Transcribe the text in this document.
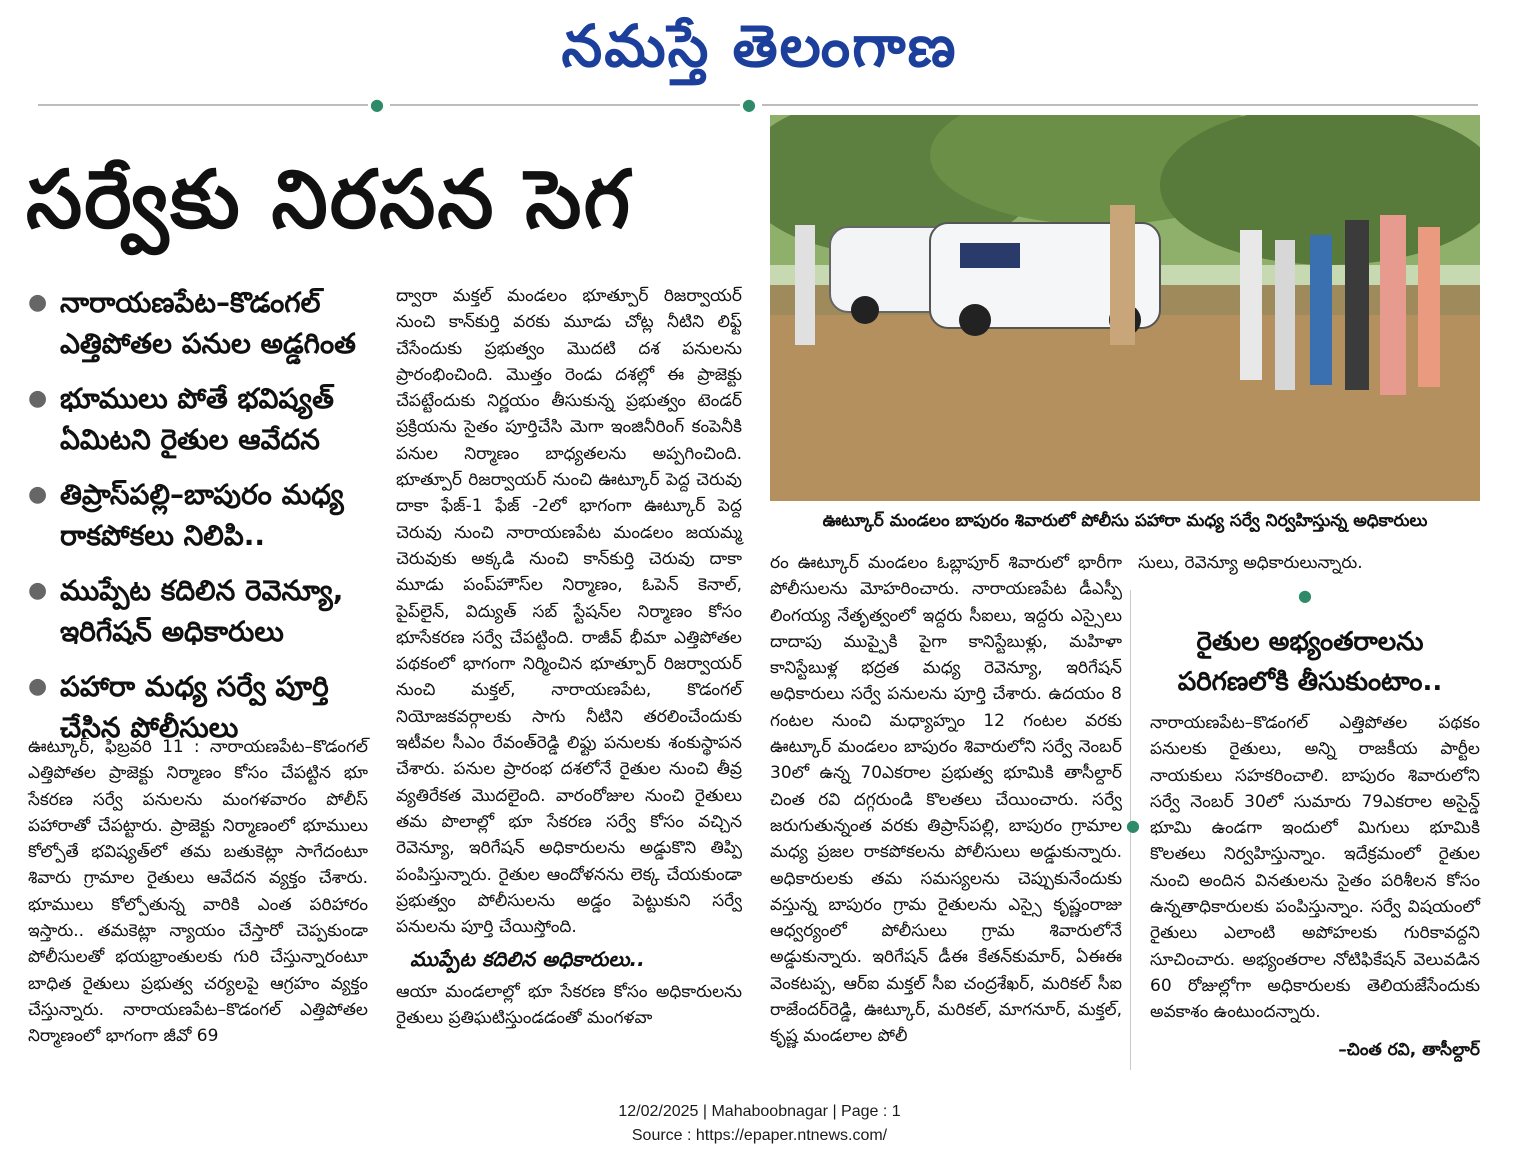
నమస్తే తెలంగాణ
●	●
సర్వేకు నిరసన సెగ
● నారాయణపేట–కొడంగల్ ఎత్తిపోతల పనుల అడ్డగింత
● భూములు పోతే భవిష్యత్ ఏమిటని రైతుల ఆవేదన
● తిప్రాస్‌పల్లి–బాపురం మధ్య రాకపోకలు నిలిపి..
● ముప్పేట కదిలిన రెవెన్యూ, ఇరిగేషన్ అధికారులు
● పహారా మధ్య సర్వే పూర్తి చేసిన పోలీసులు

ఊట్కూర్, ఫిబ్రవరి 11 : నారాయణపేట–కొడంగల్ ఎత్తిపోతల ప్రాజెక్టు నిర్మాణం కోసం చేపట్టిన భూ సేకరణ సర్వే పనులను మంగళవారం పోలీస్ పహారాతో చేపట్టారు. ప్రాజెక్టు నిర్మాణంలో భూములు కోల్పోతే భవిష్యత్‌లో తమ బతుకెట్లా సాగేదంటూ శివారు గ్రామాల రైతులు ఆవేదన వ్యక్తం చేశారు. భూములు కోల్పోతున్న వారికి ఎంత పరిహారం ఇస్తారు.. తమకెట్లా న్యాయం చేస్తారో చెప్పకుండా పోలీసులతో భయభ్రాంతులకు గురి చేస్తున్నారంటూ బాధిత రైతులు ప్రభుత్వ చర్యలపై ఆగ్రహం వ్యక్తం చేస్తున్నారు. నారాయణపేట–కొడంగల్ ఎత్తిపోతల నిర్మాణంలో భాగంగా జీవో 69

ద్వారా మక్తల్ మండలం భూత్పూర్ రిజర్వాయర్ నుంచి కాన్‌కుర్తి వరకు మూడు చోట్ల నీటిని లిఫ్ట్ చేసేందుకు ప్రభుత్వం మొదటి దశ పనులను ప్రారంభించింది. మొత్తం రెండు దశల్లో ఈ ప్రాజెక్టు చేపట్టేందుకు నిర్ణయం తీసుకున్న ప్రభుత్వం టెండర్ ప్రక్రియను సైతం పూర్తిచేసి మెగా ఇంజినీరింగ్ కంపెనీకి పనుల నిర్మాణం బాధ్యతలను అప్పగించింది. భూత్పూర్ రిజర్వాయర్ నుంచి ఊట్కూర్ పెద్ద చెరువు దాకా ఫేజ్-1 ఫేజ్ -2లో భాగంగా ఊట్కూర్ పెద్ద చెరువు నుంచి నారాయణపేట మండలం జయమ్మ చెరువుకు అక్కడి నుంచి కాన్‌కుర్తి చెరువు దాకా మూడు పంప్‌హౌస్‌ల నిర్మాణం, ఓపెన్ కెనాల్, పైప్‌లైన్, విద్యుత్ సబ్ స్టేషన్‌ల నిర్మాణం కోసం భూసేకరణ సర్వే చేపట్టింది. రాజీవ్ భీమా ఎత్తిపోతల పథకంలో భాగంగా నిర్మించిన భూత్పూర్ రిజర్వాయర్ నుంచి మక్తల్, నారాయణపేట, కొడంగల్ నియోజకవర్గాలకు సాగు నీటిని తరలించేందుకు ఇటీవల సీఎం రేవంత్‌రెడ్డి లిఫ్టు పనులకు శంకుస్థాపన చేశారు. పనుల ప్రారంభ దశలోనే రైతుల నుంచి తీవ్ర వ్యతిరేకత మొదలైంది. వారంరోజుల నుంచి రైతులు తమ పొలాల్లో భూ సేకరణ సర్వే కోసం వచ్చిన రెవెన్యూ, ఇరిగేషన్ అధికారులను అడ్డుకొని తిప్పి పంపిస్తున్నారు. రైతుల ఆందోళనను లెక్క చేయకుండా ప్రభుత్వం పోలీసులను అడ్డం పెట్టుకుని సర్వే పనులను పూర్తి చేయిస్తోంది.

ముప్పేట కదిలిన అధికారులు..

ఆయా మండలాల్లో భూ సేకరణ కోసం అధికారులను రైతులు ప్రతిఘటిస్తుండడంతో మంగళవా

ఊట్కూర్ మండలం బాపురం శివారులో పోలీసు పహారా మధ్య సర్వే నిర్వహిస్తున్న అధికారులు

రం ఊట్కూర్ మండలం ఓబ్లాపూర్ శివారులో భారీగా పోలీసులను మోహరించారు. నారాయణపేట డీఎస్పీ లింగయ్య నేతృత్వంలో ఇద్దరు సీఐలు, ఇద్దరు ఎస్సైలు దాదాపు ముప్పైకి పైగా కానిస్టేబుళ్లు, మహిళా కానిస్టేబుళ్ల భద్రత మధ్య రెవెన్యూ, ఇరిగేషన్ అధికారులు సర్వే పనులను పూర్తి చేశారు. ఉదయం 8 గంటల నుంచి మధ్యాహ్నం 12 గంటల వరకు ఊట్కూర్ మండలం బాపురం శివారులోని సర్వే నెంబర్ 30లో ఉన్న 70ఎకరాల ప్రభుత్వ భూమికి తాసీల్దార్ చింత రవి దగ్గరుండి కొలతలు చేయించారు. సర్వే జరుగుతున్నంత వరకు తిప్రాస్‌పల్లి, బాపురం గ్రామాల మధ్య ప్రజల రాకపోకలను పోలీసులు అడ్డుకున్నారు. అధికారులకు తమ సమస్యలను చెప్పుకునేందుకు వస్తున్న బాపురం గ్రామ రైతులను ఎస్సై కృష్ణంరాజు ఆధ్వర్యంలో పోలీసులు గ్రామ శివారులోనే అడ్డుకున్నారు. ఇరిగేషన్ డీఈ కేతన్‌కుమార్, ఏఈఈ వెంకటప్ప, ఆర్ఐ మక్తల్ సీఐ చంద్రశేఖర్, మరికల్ సీఐ రాజేందర్‌రెడ్డి, ఊట్కూర్, మరికల్, మాగనూర్, మక్తల్, కృష్ణ మండలాల పోలీ

సులు, రెవెన్యూ అధికారులున్నారు.

●
●
రైతుల అభ్యంతరాలను పరిగణలోకి తీసుకుంటాం..

నారాయణపేట–కొడంగల్ ఎత్తిపోతల పథకం పనులకు రైతులు, అన్ని రాజకీయ పార్టీల నాయకులు సహకరించాలి. బాపురం శివారులోని సర్వే నెంబర్ 30లో సుమారు 79ఎకరాల అసైన్డ్ భూమి ఉండగా ఇందులో మిగులు భూమికి కొలతలు నిర్వహిస్తున్నాం. ఇదేక్రమంలో రైతుల నుంచి అందిన వినతులను సైతం పరిశీలన కోసం ఉన్నతాధికారులకు పంపిస్తున్నాం. సర్వే విషయంలో రైతులు ఎలాంటి అపోహలకు గురికావద్దని సూచించారు. అభ్యంతరాల నోటిఫికేషన్ వెలువడిన 60 రోజుల్లోగా అధికారులకు తెలియజేసేందుకు అవకాశం ఉంటుందన్నారు.

–చింత రవి, తాసీల్దార్
12/02/2025 | Mahaboobnagar | Page : 1
Source : https://epaper.ntnews.com/
